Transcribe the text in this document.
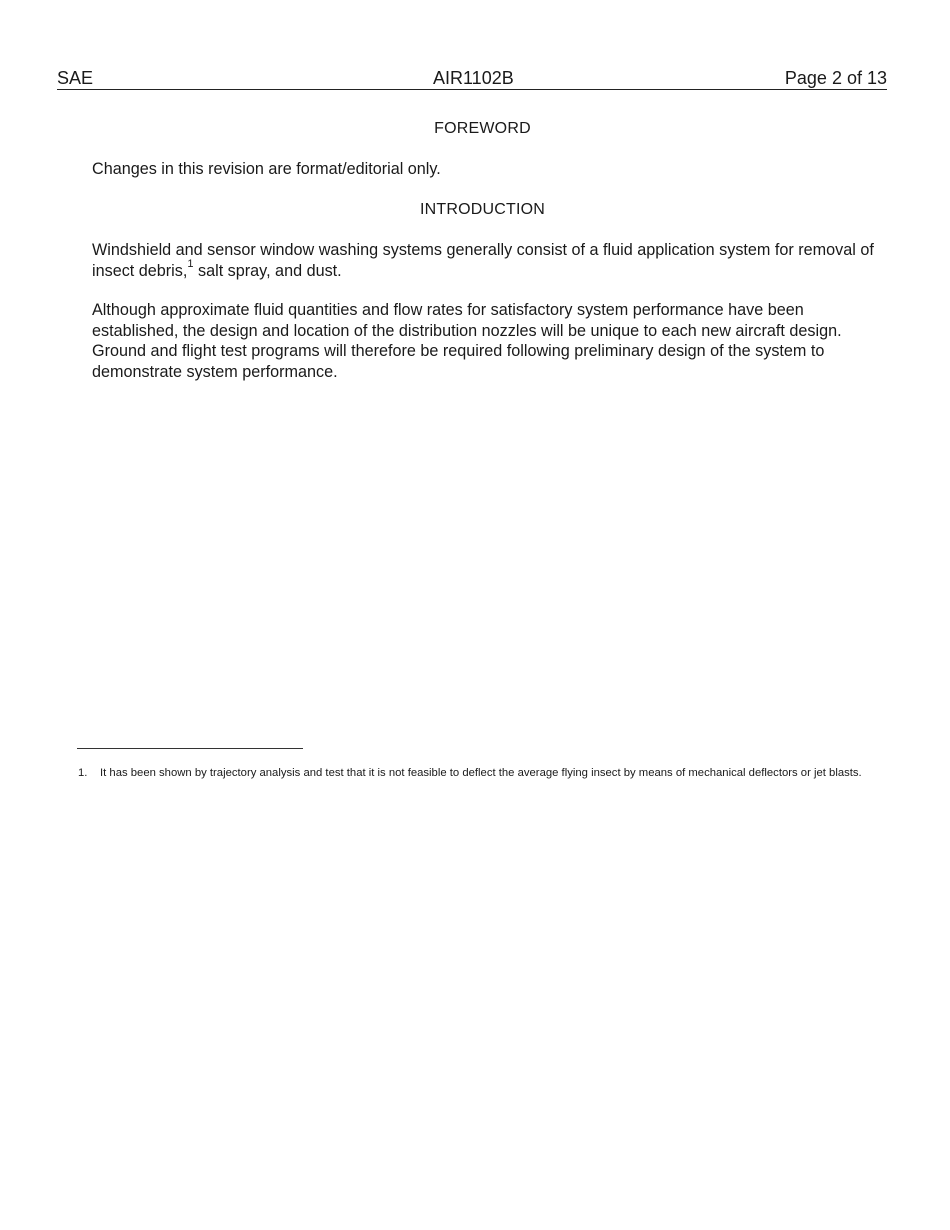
SAE	AIR1102B	Page 2 of 13
FOREWORD

Changes in this revision are format/editorial only.

INTRODUCTION

Windshield and sensor window washing systems generally consist of a fluid application system for removal of insect debris,$^1$ salt spray, and dust.

Although approximate fluid quantities and flow rates for satisfactory system performance have been established, the design and location of the distribution nozzles will be unique to each new aircraft design. Ground and flight test programs will therefore be required following preliminary design of the system to demonstrate system performance.

1. It has been shown by trajectory analysis and test that it is not feasible to deflect the average flying insect by means of mechanical deflectors or jet blasts.
